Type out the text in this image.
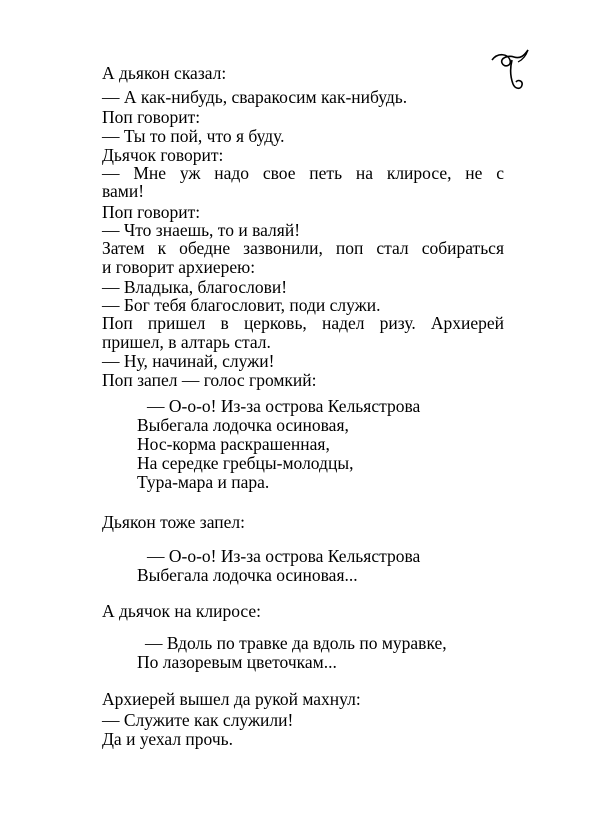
А дьякон сказал:
— А как-нибудь, сваракосим как-нибудь.
Поп говорит:
— Ты то пой, что я буду.
Дьячок говорит:
— Мне уж надо свое петь на клиросе, не с
вами!
Поп говорит:
— Что знаешь, то и валяй!
Затем к обедне зазвонили, поп стал собираться
и говорит архиерею:
— Владыка, благослови!
— Бог тебя благословит, поди служи.
Поп пришел в церковь, надел ризу. Архиерей
пришел, в алтарь стал.
— Ну, начинай, служи!
Поп запел — голос громкий:
— О-о-о! Из-за острова Кельястрова
Выбегала лодочка осиновая,
Нос-корма раскрашенная,
На середке гребцы-молодцы,
Тура-мара и пара.
Дьякон тоже запел:
— О-о-о! Из-за острова Кельястрова
Выбегала лодочка осиновая...
А дьячок на клиросе:
— Вдоль по травке да вдоль по муравке,
По лазоревым цветочкам...
Архиерей вышел да рукой махнул:
— Служите как служили!
Да и уехал прочь.
